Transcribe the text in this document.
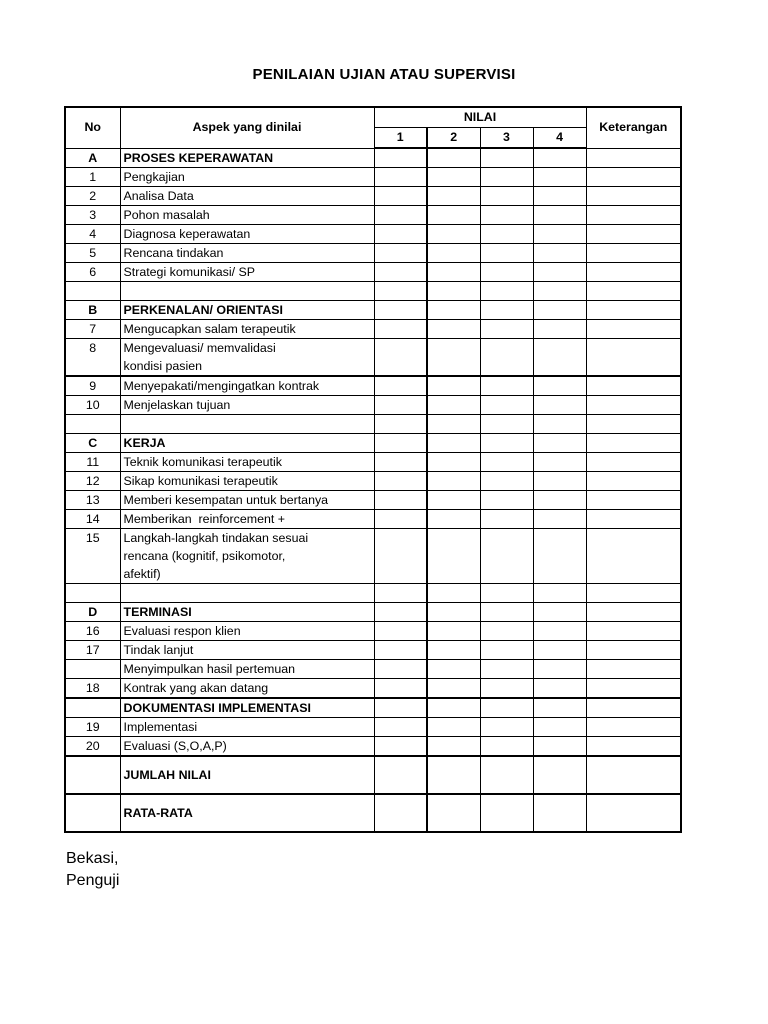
PENILAIAN UJIAN ATAU SUPERVISI
No	Aspek yang dinilai	NILAI				Keterangan
		1	2	3	4	
A	PROSES KEPERAWATAN					
1	Pengkajian					
2	Analisa Data					
3	Pohon masalah					
4	Diagnosa keperawatan					
5	Rencana tindakan					
6	Strategi komunikasi/ SP					

B	PERKENALAN/ ORIENTASI					
7	Mengucapkan salam terapeutik					
8	Mengevaluasi/ memvalidasi
kondisi pasien					

9	Menyepakati/mengingatkan kontrak					
10	Menjelaskan tujuan					

C	KERJA					
11	Teknik komunikasi terapeutik					
12	Sikap komunikasi terapeutik					
13	Memberi kesempatan untuk bertanya					
14	Memberikan  reinforcement +					
15	Langkah-langkah tindakan sesuai
rencana (kognitif, psikomotor,
afektif)					

D	TERMINASI					
16	Evaluasi respon klien					
17	Tindak lanjut					
	Menyimpulkan hasil pertemuan					
18	Kontrak yang akan datang					
	DOKUMENTASI IMPLEMENTASI					
19	Implementasi					
20	Evaluasi (S,O,A,P)					
	JUMLAH NILAI					
	RATA-RATA					
Bekasi,
Penguji
